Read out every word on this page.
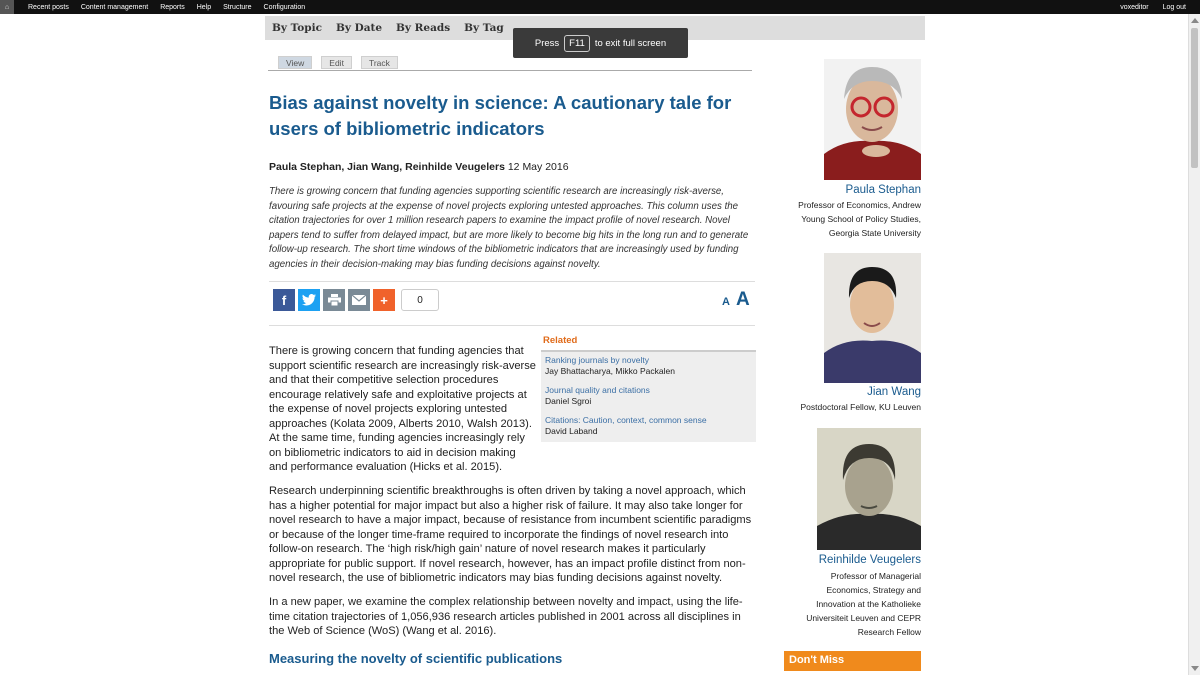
⌂	Recent posts Content management Reports Help Structure Configuration	voxeditor Log out
By Topic By Date By Reads By Tag
Press	F11	to exit full screen
View	Edit	Track
Bias against novelty in science: A cautionary tale for users of bibliometric indicators
Paula Stephan, Jian Wang, Reinhilde Veugelers 12 May 2016

There is growing concern that funding agencies supporting scientific research are increasingly risk-averse, favouring safe projects at the expense of novel projects exploring untested approaches. This column uses the citation trajectories for over 1 million research papers to examine the impact profile of novel research. Novel papers tend to suffer from delayed impact, but are more likely to become big hits in the long run and to generate follow-up research. The short time windows of the bibliometric indicators that are increasingly used by funding agencies in their decision-making may bias funding decisions against novelty.

f	+	0	A A
Related
Ranking journals by novelty
Jay Bhattacharya, Mikko Packalen
Journal quality and citations
Daniel Sgroi
Citations: Caution, context, common sense
David Laband

There is growing concern that funding agencies that support scientific research are increasingly risk-averse and that their competitive selection procedures encourage relatively safe and exploitative projects at the expense of novel projects exploring untested approaches (Kolata 2009, Alberts 2010, Walsh 2013). At the same time, funding agencies increasingly rely on bibliometric indicators to aid in decision making and performance evaluation (Hicks et al. 2015).

Research underpinning scientific breakthroughs is often driven by taking a novel approach, which has a higher potential for major impact but also a higher risk of failure. It may also take longer for novel research to have a major impact, because of resistance from incumbent scientific paradigms or because of the longer time-frame required to incorporate the findings of novel research into follow-on research. The ‘high risk/high gain’ nature of novel research makes it particularly appropriate for public support. If novel research, however, has an impact profile distinct from non-novel research, the use of bibliometric indicators may bias funding decisions against novelty.

In a new paper, we examine the complex relationship between novelty and impact, using the life-time citation trajectories of 1,056,936 research articles published in 2001 across all disciplines in the Web of Science (WoS) (Wang et al. 2016).

Measuring the novelty of scientific publications
Paula Stephan
Professor of Economics, Andrew
Young School of Policy Studies,
Georgia State University
Jian Wang
Postdoctoral Fellow, KU Leuven
Reinhilde Veugelers
Professor of Managerial
Economics, Strategy and
Innovation at the Katholieke
Universiteit Leuven and CEPR
Research Fellow
Don't Miss
